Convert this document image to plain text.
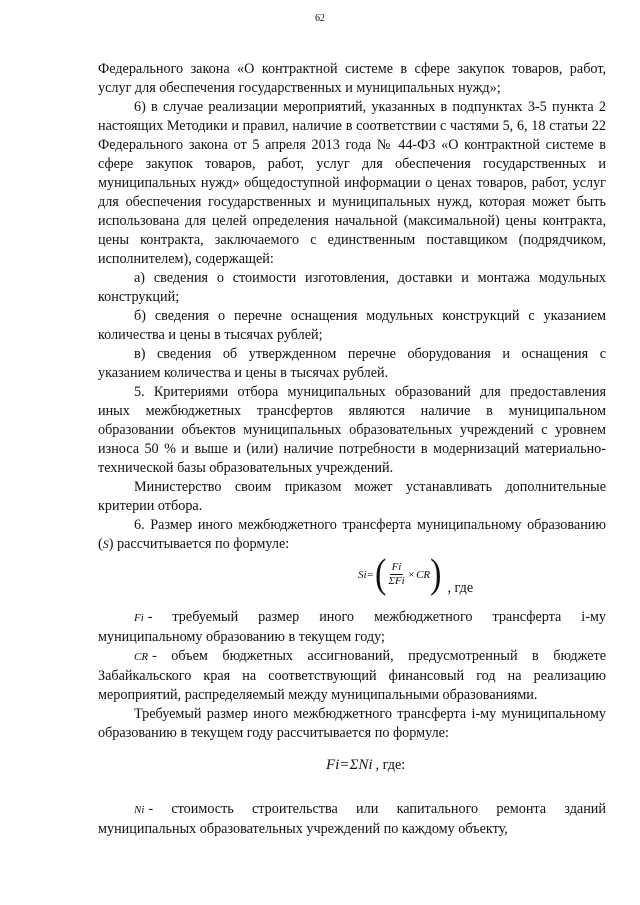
62

Федерального закона «О контрактной системе в сфере закупок товаров, работ, услуг для обеспечения государственных и муниципальных нужд»;

6) в случае реализации мероприятий, указанных в подпунктах 3-5 пункта 2 настоящих Методики и правил, наличие в соответствии с частями 5, 6, 18 статьи 22 Федерального закона от 5 апреля 2013 года № 44-ФЗ «О контрактной системе в сфере закупок товаров, работ, услуг для обеспечения государственных и муниципальных нужд» общедоступной информации о ценах товаров, работ, услуг для обеспечения государственных и муниципальных нужд, которая может быть использована для целей определения начальной (максимальной) цены контракта, цены контракта, заключаемого с единственным поставщиком (подрядчиком, исполнителем), содержащей:

а) сведения о стоимости изготовления, доставки и монтажа модульных конструкций;

б) сведения о перечне оснащения модульных конструкций с указанием количества и цены в тысячах рублей;

в) сведения об утвержденном перечне оборудования и оснащения с указанием количества и цены в тысячах рублей.

5. Критериями отбора муниципальных образований для предоставления иных межбюджетных трансфертов являются наличие в муниципальном образовании объектов муниципальных образовательных учреждений с уровнем износа 50 % и выше и (или) наличие потребности в модернизаций материально-технической базы образовательных учреждений.

Министерство своим приказом может устанавливать дополнительные критерии отбора.

6. Размер иного межбюджетного трансферта муниципальному образованию (S) рассчитывается по формуле:

Si= ( $\frac{Fi}{\text{ΣFi}}$ × CR ) , где

Fi - требуемый размер иного межбюджетного трансферта i-му муниципальному образованию в текущем году;

CR - объем бюджетных ассигнований, предусмотренный в бюджете Забайкальского края на соответствующий финансовый год на реализацию мероприятий, распределяемый между муниципальными образованиями.

Требуемый размер иного межбюджетного трансферта i-му муниципальному образованию в текущем году рассчитывается по формуле:

Fi=ΣNi , где:

Ni - стоимость строительства или капитального ремонта зданий муниципальных образовательных учреждений по каждому объекту,
